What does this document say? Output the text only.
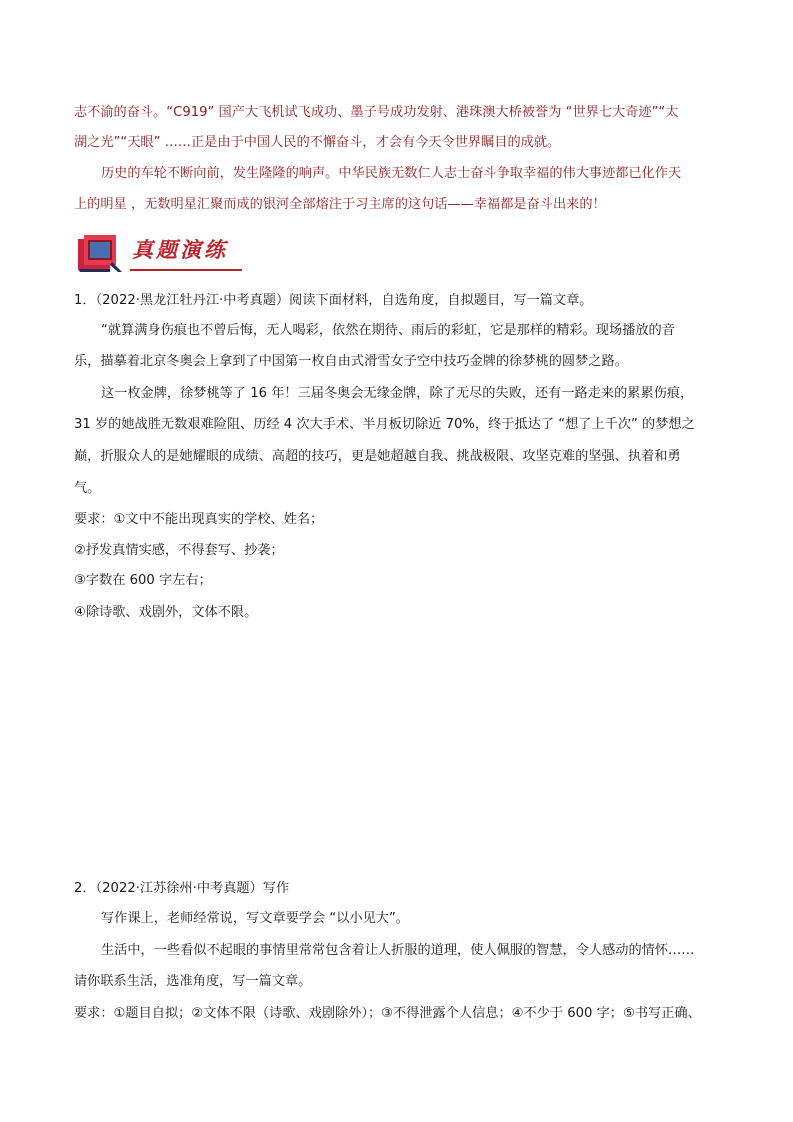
志不渝的奋斗。“C919” 国产大飞机试飞成功、墨子号成功发射、港珠澳大桥被誉为 “世界七大奇迹”“太
湖之光”“天眼” ……正是由于中国人民的不懈奋斗，才会有今天令世界瞩目的成就。
历史的车轮不断向前，发生隆隆的响声。中华民族无数仁人志士奋斗争取幸福的伟大事迹都已化作天
上的明星 ，无数明星汇聚而成的银河全部熔注于习主席的这句话——幸福都是奋斗出来的！
真题演练
1．（2022·黑龙江牡丹江·中考真题）阅读下面材料，自选角度，自拟题目，写一篇文章。
“就算满身伤痕也不曾后悔，无人喝彩，依然在期待、雨后的彩虹，它是那样的精彩。现场播放的音
乐，描摹着北京冬奥会上拿到了中国第一枚自由式滑雪女子空中技巧金牌的徐梦桃的圆梦之路。
这一枚金牌，徐梦桃等了 16 年！三届冬奥会无缘金牌，除了无尽的失败，还有一路走来的累累伤痕，
31 岁的她战胜无数艰难险阻、历经 4 次大手术、半月板切除近 70%，终于抵达了 “想了上千次” 的梦想之
巅，折服众人的是她耀眼的成绩、高超的技巧，更是她超越自我、挑战极限、攻坚克难的坚强、执着和勇
气。
要求：①文中不能出现真实的学校、姓名；
②抒发真情实感，不得套写、抄袭；
③字数在 600 字左右；
④除诗歌、戏剧外，文体不限。
2．（2022·江苏徐州·中考真题）写作
写作课上，老师经常说，写文章要学会 “以小见大”。
生活中，一些看似不起眼的事情里常常包含着让人折服的道理，使人佩服的智慧，令人感动的情怀……
请你联系生活，选准角度，写一篇文章。
要求：①题目自拟；②文体不限（诗歌、戏剧除外）；③不得泄露个人信息；④不少于 600 字；⑤书写正确、
